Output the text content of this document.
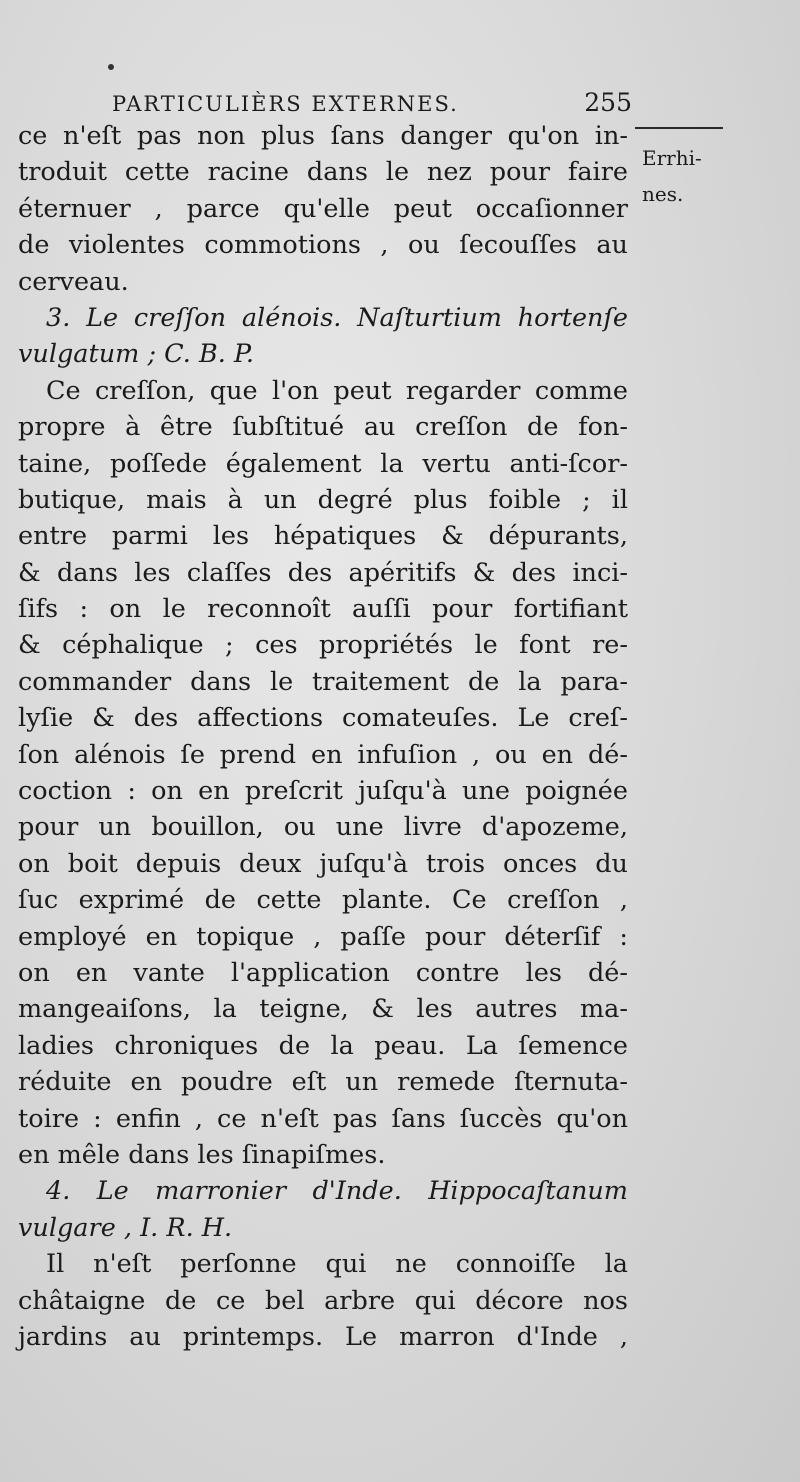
PARTICULIÈRS EXTERNES.	255
Errhi-
nes.
ce n'eſt pas non plus ſans danger qu'on in-
troduit cette racine dans le nez pour faire
éternuer , parce qu'elle peut occaſionner
de violentes commotions , ou ſecouſſes au
cerveau.
3. Le creſſon alénois. Naſturtium hortenſe
vulgatum ; C. B. P.
Ce creſſon, que l'on peut regarder comme
propre à être ſubſtitué au creſſon de fon-
taine, poſſede également la vertu anti-ſcor-
butique, mais à un degré plus foible ; il
entre parmi les hépatiques & dépurants,
& dans les claſſes des apéritifs & des inci-
ſifs : on le reconnoît auſſi pour fortifiant
& céphalique ; ces propriétés le font re-
commander dans le traitement de la para-
lyſie & des affections comateuſes. Le creſ-
ſon alénois ſe prend en infuſion , ou en dé-
coction : on en preſcrit juſqu'à une poignée
pour un bouillon, ou une livre d'apozeme,
on boit depuis deux juſqu'à trois onces du
ſuc exprimé de cette plante. Ce creſſon ,
employé en topique , paſſe pour déterſif :
on en vante l'application contre les dé-
mangeaiſons, la teigne, & les autres ma-
ladies chroniques de la peau. La ſemence
réduite en poudre eſt un remede ſternuta-
toire : enfin , ce n'eſt pas ſans ſuccès qu'on
en mêle dans les ſinapiſmes.
4. Le marronier d'Inde. Hippocaſtanum
vulgare , I. R. H.
Il n'eſt perſonne qui ne connoiſſe la
châtaigne de ce bel arbre qui décore nos
jardins au printemps. Le marron d'Inde ,
